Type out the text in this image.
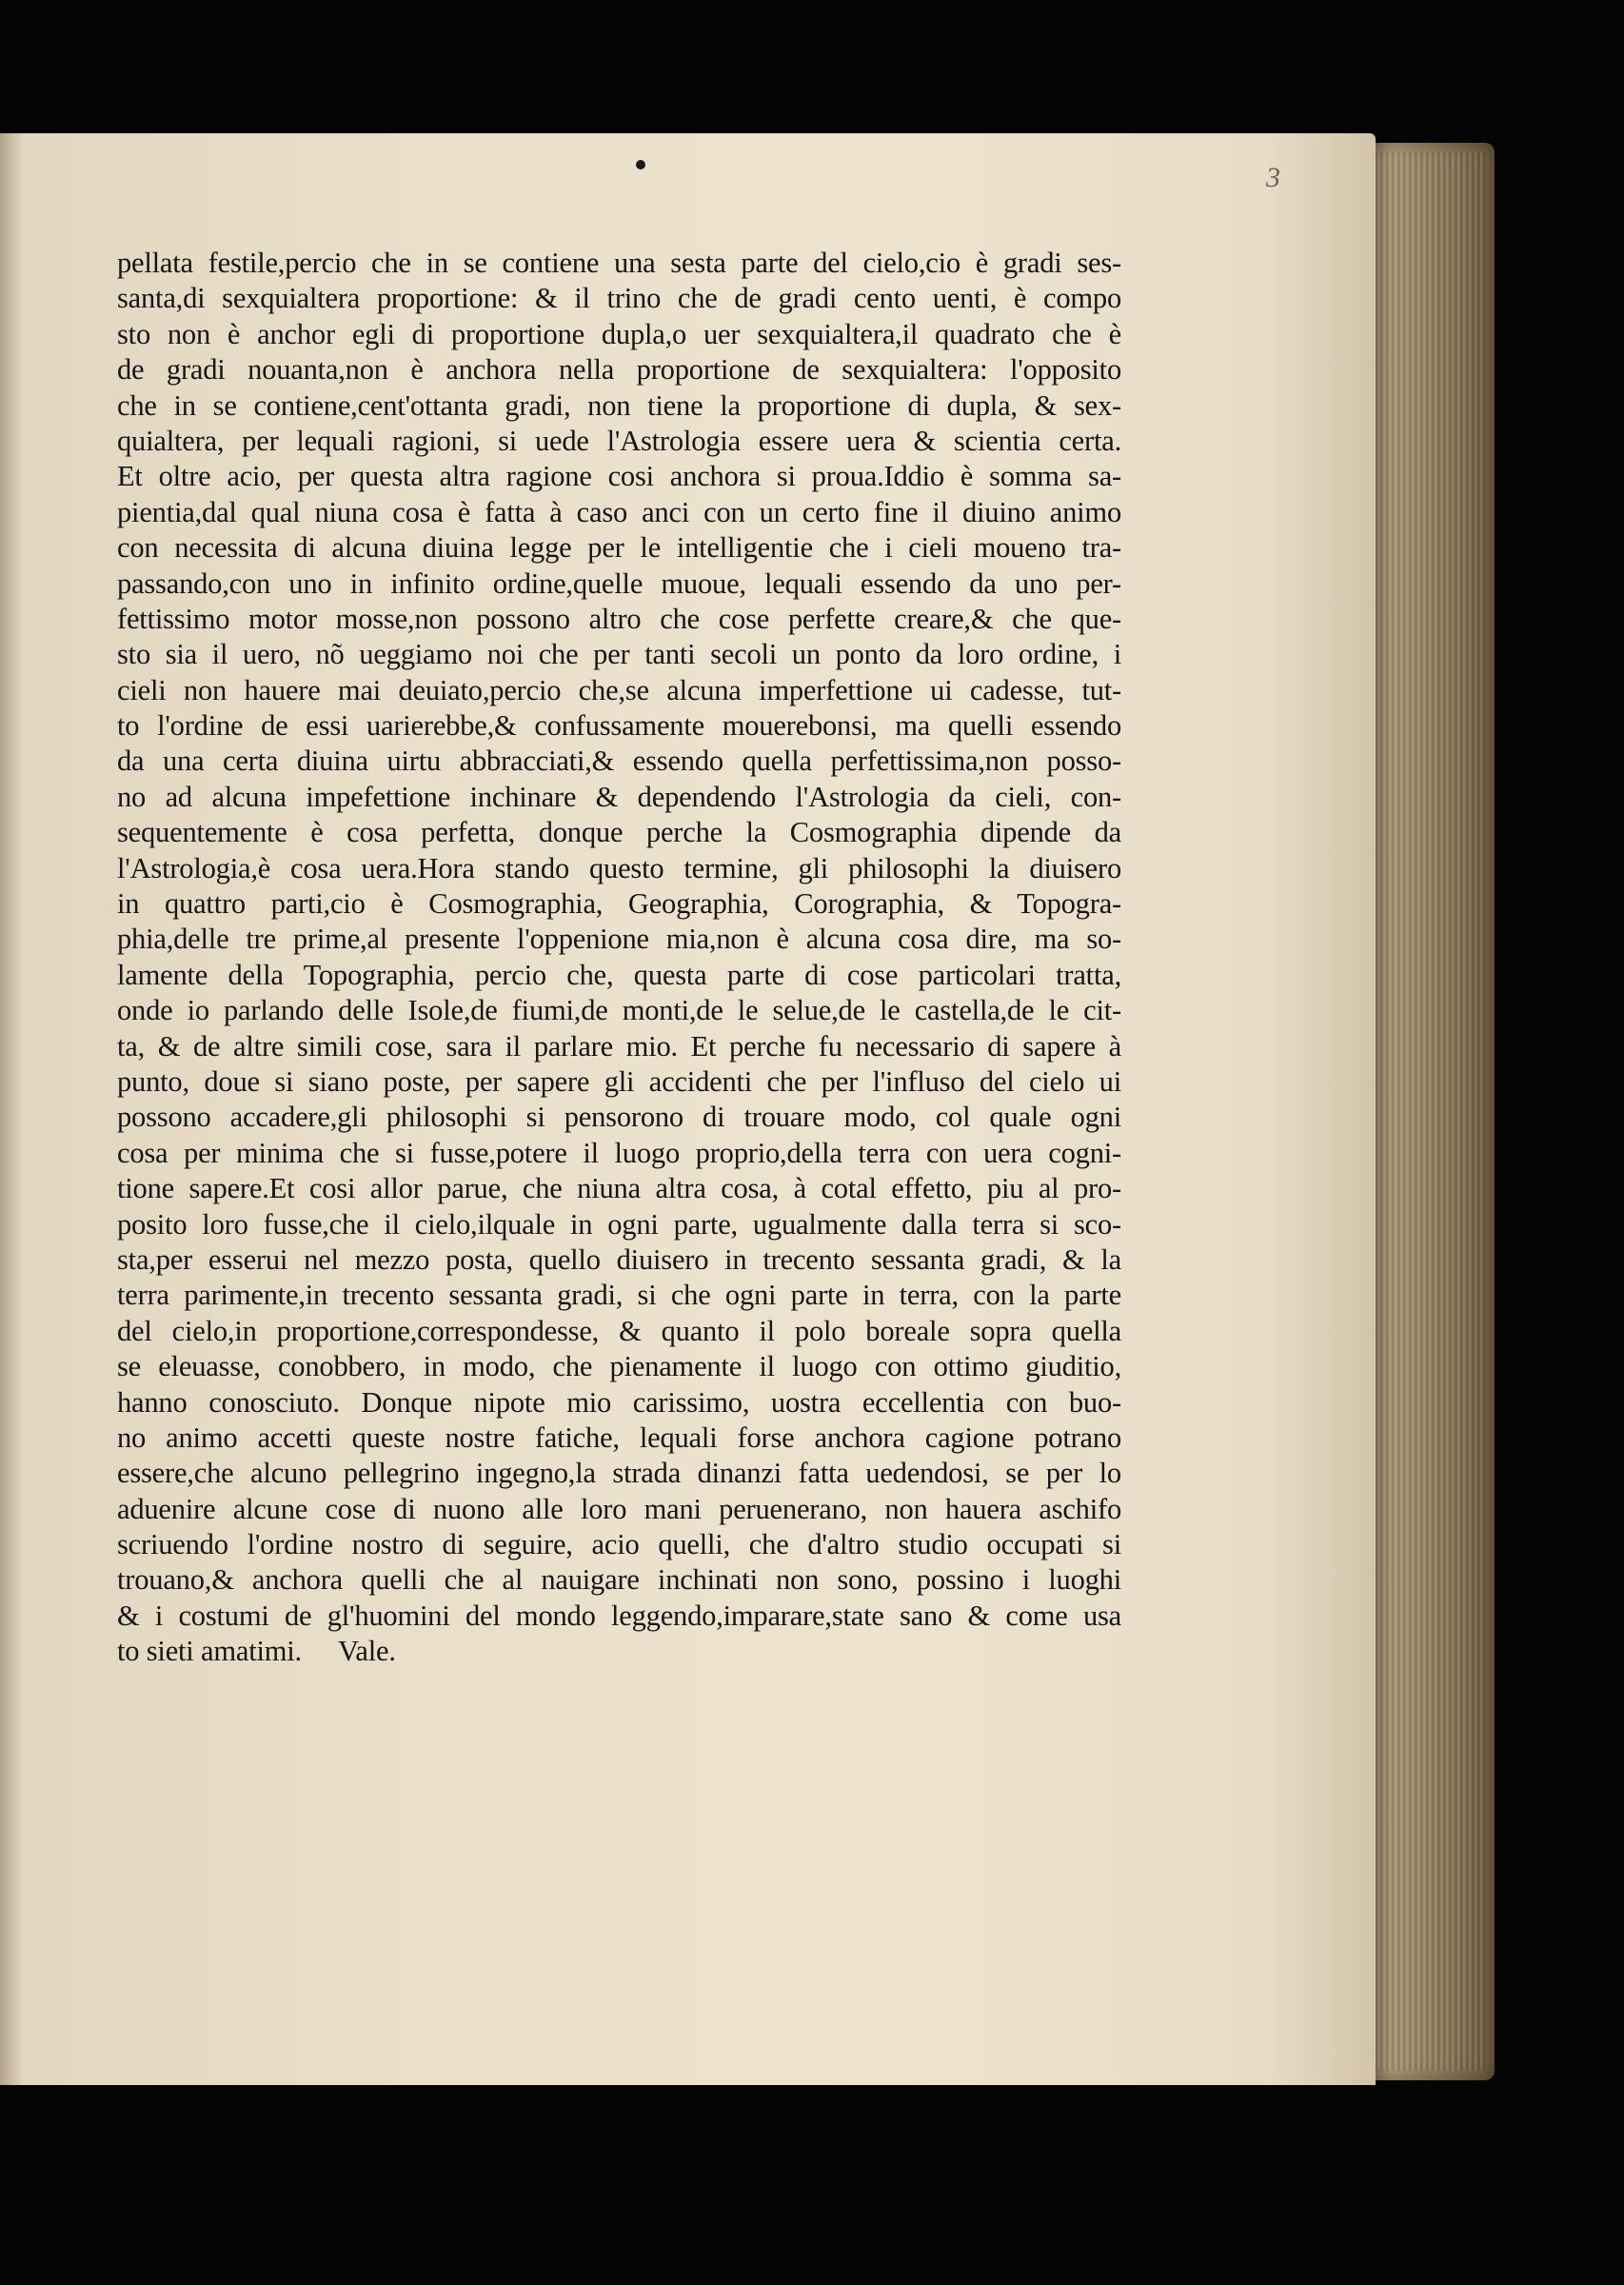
3
pellata festile,percio che in se contiene una sesta parte del cielo,cio è gradi ses-
santa,di sexquialtera proportione: & il trino che de gradi cento uenti, è compo
sto non è anchor egli di proportione dupla,o uer sexquialtera,il quadrato che è
de gradi nouanta,non è anchora nella proportione de sexquialtera: l'opposito
che in se contiene,cent'ottanta gradi, non tiene la proportione di dupla, & sex-
quialtera, per lequali ragioni, si uede l'Astrologia essere uera & scientia certa.
Et oltre acio, per questa altra ragione cosi anchora si proua.Iddio è somma sa-
pientia,dal qual niuna cosa è fatta à caso anci con un certo fine il diuino animo
con necessita di alcuna diuina legge per le intelligentie che i cieli moueno tra-
passando,con uno in infinito ordine,quelle muoue, lequali essendo da uno per-
fettissimo motor mosse,non possono altro che cose perfette creare,& che que-
sto sia il uero, nõ ueggiamo noi che per tanti secoli un ponto da loro ordine, i
cieli non hauere mai deuiato,percio che,se alcuna imperfettione ui cadesse, tut-
to l'ordine de essi uarierebbe,& confussamente mouerebonsi, ma quelli essendo
da una certa diuina uirtu abbracciati,& essendo quella perfettissima,non posso-
no ad alcuna impefettione inchinare & dependendo l'Astrologia da cieli, con-
sequentemente è cosa perfetta, donque perche la Cosmographia dipende da
l'Astrologia,è cosa uera.Hora stando questo termine, gli philosophi la diuisero
in quattro parti,cio è Cosmographia, Geographia, Corographia, & Topogra-
phia,delle tre prime,al presente l'oppenione mia,non è alcuna cosa dire, ma so-
lamente della Topographia, percio che, questa parte di cose particolari tratta,
onde io parlando delle Isole,de fiumi,de monti,de le selue,de le castella,de le cit-
ta, & de altre simili cose, sara il parlare mio. Et perche fu necessario di sapere à
punto, doue si siano poste, per sapere gli accidenti che per l'influso del cielo ui
possono accadere,gli philosophi si pensorono di trouare modo, col quale ogni
cosa per minima che si fusse,potere il luogo proprio,della terra con uera cogni-
tione sapere.Et cosi allor parue, che niuna altra cosa, à cotal effetto, piu al pro-
posito loro fusse,che il cielo,ilquale in ogni parte, ugualmente dalla terra si sco-
sta,per esserui nel mezzo posta, quello diuisero in trecento sessanta gradi, & la
terra parimente,in trecento sessanta gradi, si che ogni parte in terra, con la parte
del cielo,in proportione,correspondesse, & quanto il polo boreale sopra quella
se eleuasse, conobbero, in modo, che pienamente il luogo con ottimo giuditio,
hanno conosciuto. Donque nipote mio carissimo, uostra eccellentia con buo-
no animo accetti queste nostre fatiche, lequali forse anchora cagione potrano
essere,che alcuno pellegrino ingegno,la strada dinanzi fatta uedendosi, se per lo
aduenire alcune cose di nuono alle loro mani peruenerano, non hauera aschifo
scriuendo l'ordine nostro di seguire, acio quelli, che d'altro studio occupati si
trouano,& anchora quelli che al nauigare inchinati non sono, possino i luoghi
& i costumi de gl'huomini del mondo leggendo,imparare,state sano & come usa
to sieti amatimi. Vale.
